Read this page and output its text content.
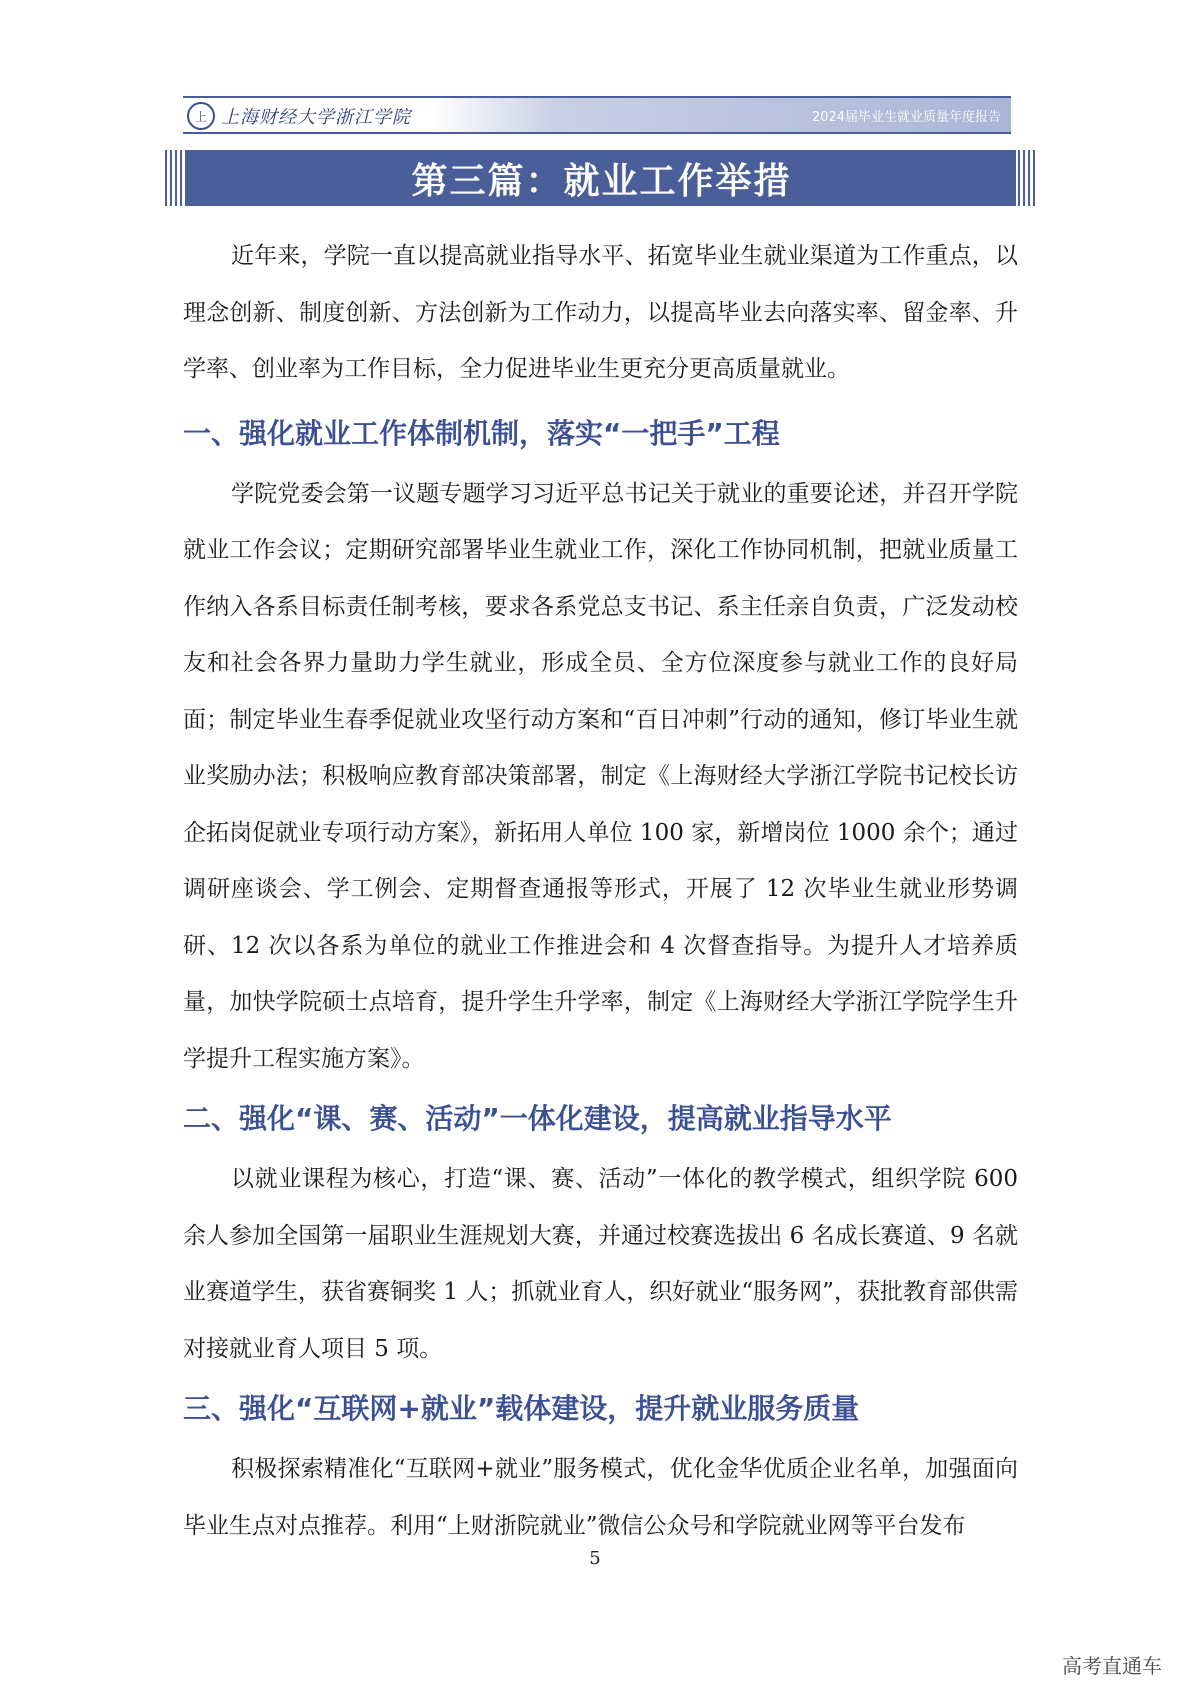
上 上海财经大学浙江学院	2024届毕业生就业质量年度报告
第三篇：就业工作举措

近年来，学院一直以提高就业指导水平、拓宽毕业生就业渠道为工作重点，以理念创新、制度创新、方法创新为工作动力，以提高毕业去向落实率、留金率、升学率、创业率为工作目标，全力促进毕业生更充分更高质量就业。

一、强化就业工作体制机制，落实“一把手”工程

学院党委会第一议题专题学习习近平总书记关于就业的重要论述，并召开学院就业工作会议；定期研究部署毕业生就业工作，深化工作协同机制，把就业质量工作纳入各系目标责任制考核，要求各系党总支书记、系主任亲自负责，广泛发动校友和社会各界力量助力学生就业，形成全员、全方位深度参与就业工作的良好局面；制定毕业生春季促就业攻坚行动方案和“百日冲刺”行动的通知，修订毕业生就业奖励办法；积极响应教育部决策部署，制定《上海财经大学浙江学院书记校长访企拓岗促就业专项行动方案》，新拓用人单位 100 家，新增岗位 1000 余个；通过调研座谈会、学工例会、定期督查通报等形式，开展了 12 次毕业生就业形势调研、12 次以各系为单位的就业工作推进会和 4 次督查指导。为提升人才培养质量，加快学院硕士点培育，提升学生升学率，制定《上海财经大学浙江学院学生升学提升工程实施方案》。

二、强化“课、赛、活动”一体化建设，提高就业指导水平

以就业课程为核心，打造“课、赛、活动”一体化的教学模式，组织学院 600 余人参加全国第一届职业生涯规划大赛，并通过校赛选拔出 6 名成长赛道、9 名就业赛道学生，获省赛铜奖 1 人；抓就业育人，织好就业“服务网”，获批教育部供需对接就业育人项目 5 项。

三、强化“互联网+就业”载体建设，提升就业服务质量

积极探索精准化“互联网+就业”服务模式，优化金华优质企业名单，加强面向毕业生点对点推荐。利用“上财浙院就业”微信公众号和学院就业网等平台发布

5
高考直通车
